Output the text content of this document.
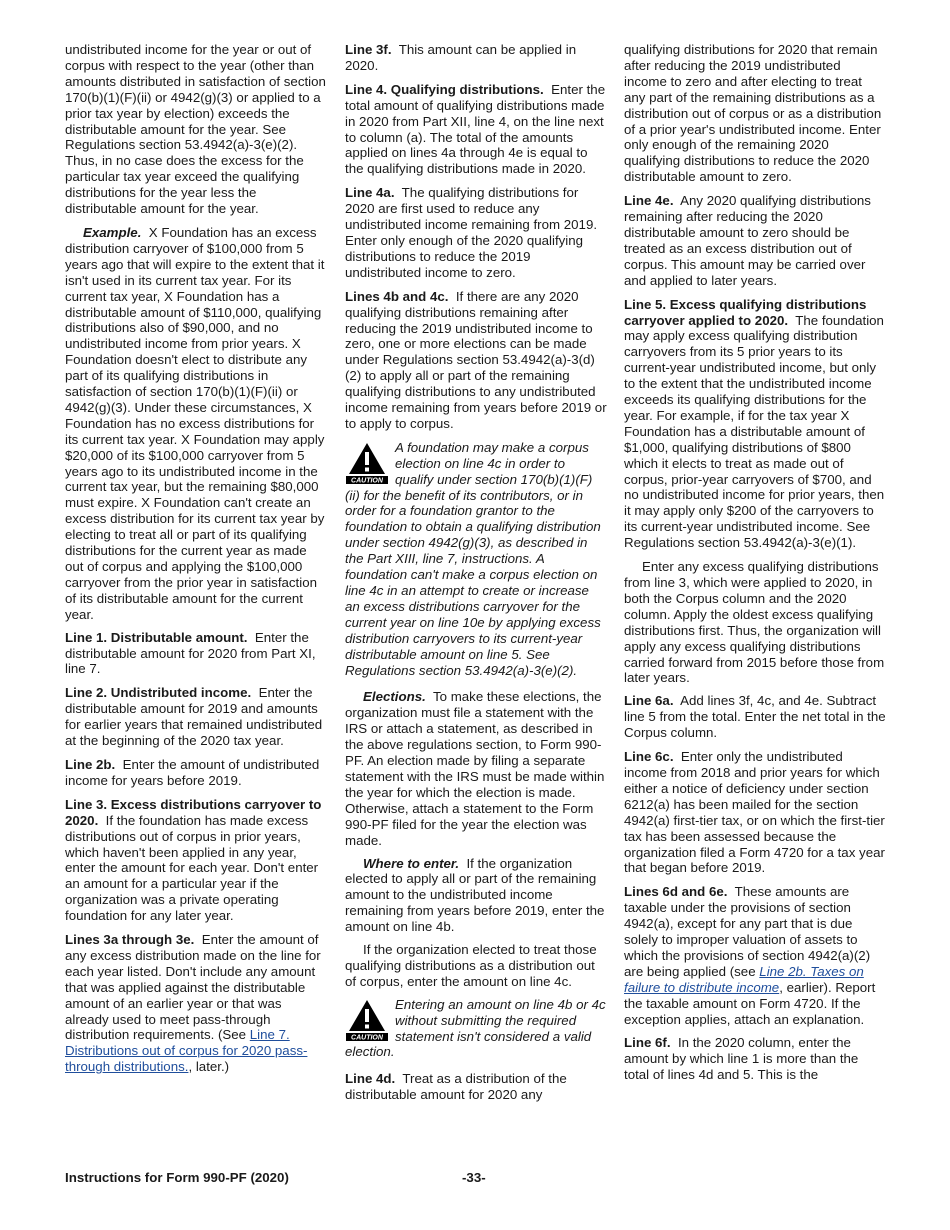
undistributed income for the year or out of corpus with respect to the year (other than amounts distributed in satisfaction of section 170(b)(1)(F)(ii) or 4942(g)(3) or applied to a prior tax year by election) exceeds the distributable amount for the year. See Regulations section 53.4942(a)-3(e)(2). Thus, in no case does the excess for the particular tax year exceed the qualifying distributions for the year less the distributable amount for the year.

Example. X Foundation has an excess distribution carryover of $100,000 from 5 years ago that will expire to the extent that it isn't used in its current tax year. For its current tax year, X Foundation has a distributable amount of $110,000, qualifying distributions also of $90,000, and no undistributed income from prior years. X Foundation doesn't elect to distribute any part of its qualifying distributions in satisfaction of section 170(b)(1)(F)(ii) or 4942(g)(3). Under these circumstances, X Foundation has no excess distributions for its current tax year. X Foundation may apply $20,000 of its $100,000 carryover from 5 years ago to its undistributed income in the current tax year, but the remaining $80,000 must expire. X Foundation can't create an excess distribution for its current tax year by electing to treat all or part of its qualifying distributions for the current year as made out of corpus and applying the $100,000 carryover from the prior year in satisfaction of its distributable amount for the current year.

Line 1. Distributable amount. Enter the distributable amount for 2020 from Part XI, line 7.

Line 2. Undistributed income. Enter the distributable amount for 2019 and amounts for earlier years that remained undistributed at the beginning of the 2020 tax year.

Line 2b. Enter the amount of undistributed income for years before 2019.

Line 3. Excess distributions carryover to 2020. If the foundation has made excess distributions out of corpus in prior years, which haven't been applied in any year, enter the amount for each year. Don't enter an amount for a particular year if the organization was a private operating foundation for any later year.

Lines 3a through 3e. Enter the amount of any excess distribution made on the line for each year listed. Don't include any amount that was applied against the distributable amount of an earlier year or that was already used to meet pass-through distribution requirements. (See Line 7. Distributions out of corpus for 2020 pass-through distributions., later.)

Line 3f. This amount can be applied in 2020.

Line 4. Qualifying distributions. Enter the total amount of qualifying distributions made in 2020 from Part XII, line 4, on the line next to column (a). The total of the amounts applied on lines 4a through 4e is equal to the qualifying distributions made in 2020.

Line 4a. The qualifying distributions for 2020 are first used to reduce any undistributed income remaining from 2019. Enter only enough of the 2020 qualifying distributions to reduce the 2019 undistributed income to zero.

Lines 4b and 4c. If there are any 2020 qualifying distributions remaining after reducing the 2019 undistributed income to zero, one or more elections can be made under Regulations section 53.4942(a)-3(d)(2) to apply all or part of the remaining qualifying distributions to any undistributed income remaining from years before 2019 or to apply to corpus.

CAUTION
A foundation may make a corpus election on line 4c in order to qualify under section 170(b)(1)(F)(ii) for the benefit of its contributors, or in order for a foundation grantor to the foundation to obtain a qualifying distribution under section 4942(g)(3), as described in the Part XIII, line 7, instructions. A foundation can't make a corpus election on line 4c in an attempt to create or increase an excess distributions carryover for the current year on line 10e by applying excess distribution carryovers to its current-year distributable amount on line 5. See Regulations section 53.4942(a)-3(e)(2).

Elections. To make these elections, the organization must file a statement with the IRS or attach a statement, as described in the above regulations section, to Form 990-PF. An election made by filing a separate statement with the IRS must be made within the year for which the election is made. Otherwise, attach a statement to the Form 990-PF filed for the year the election was made.

Where to enter. If the organization elected to apply all or part of the remaining amount to the undistributed income remaining from years before 2019, enter the amount on line 4b.

If the organization elected to treat those qualifying distributions as a distribution out of corpus, enter the amount on line 4c.

CAUTION
Entering an amount on line 4b or 4c without submitting the required statement isn't considered a valid election.

Line 4d. Treat as a distribution of the distributable amount for 2020 any

qualifying distributions for 2020 that remain after reducing the 2019 undistributed income to zero and after electing to treat any part of the remaining distributions as a distribution out of corpus or as a distribution of a prior year's undistributed income. Enter only enough of the remaining 2020 qualifying distributions to reduce the 2020 distributable amount to zero.

Line 4e. Any 2020 qualifying distributions remaining after reducing the 2020 distributable amount to zero should be treated as an excess distribution out of corpus. This amount may be carried over and applied to later years.

Line 5. Excess qualifying distributions carryover applied to 2020. The foundation may apply excess qualifying distribution carryovers from its 5 prior years to its current-year undistributed income, but only to the extent that the undistributed income exceeds its qualifying distributions for the year. For example, if for the tax year X Foundation has a distributable amount of $1,000, qualifying distributions of $800 which it elects to treat as made out of corpus, prior-year carryovers of $700, and no undistributed income for prior years, then it may apply only $200 of the carryovers to its current-year undistributed income. See Regulations section 53.4942(a)-3(e)(1).

Enter any excess qualifying distributions from line 3, which were applied to 2020, in both the Corpus column and the 2020 column. Apply the oldest excess qualifying distributions first. Thus, the organization will apply any excess qualifying distributions carried forward from 2015 before those from later years.

Line 6a. Add lines 3f, 4c, and 4e. Subtract line 5 from the total. Enter the net total in the Corpus column.

Line 6c. Enter only the undistributed income from 2018 and prior years for which either a notice of deficiency under section 6212(a) has been mailed for the section 4942(a) first-tier tax, or on which the first-tier tax has been assessed because the organization filed a Form 4720 for a tax year that began before 2019.

Lines 6d and 6e. These amounts are taxable under the provisions of section 4942(a), except for any part that is due solely to improper valuation of assets to which the provisions of section 4942(a)(2) are being applied (see Line 2b. Taxes on failure to distribute income, earlier). Report the taxable amount on Form 4720. If the exception applies, attach an explanation.

Line 6f. In the 2020 column, enter the amount by which line 1 is more than the total of lines 4d and 5. This is the

Instructions for Form 990-PF (2020)	-33-
